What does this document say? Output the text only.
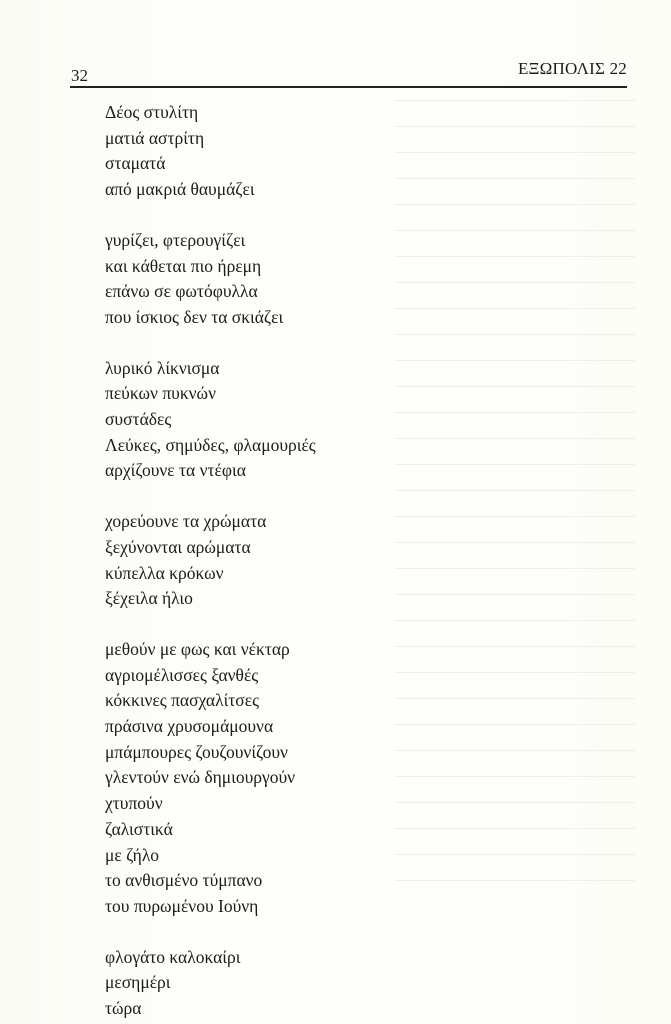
32	ΕΞΩΠΟΛΙΣ 22
Δέος στυλίτη
ματιά αστρίτη
σταματά
από μακριά θαυμάζει
γυρίζει, φτερουγίζει
και κάθεται πιο ήρεμη
επάνω σε φωτόφυλλα
που ίσκιος δεν τα σκιάζει
λυρικό λίκνισμα
πεύκων πυκνών
συστάδες
Λεύκες, σημύδες, φλαμουριές
αρχίζουνε τα ντέφια
χορεύουνε τα χρώματα
ξεχύνονται αρώματα
κύπελλα κρόκων
ξέχειλα ήλιο
μεθούν με φως και νέκταρ
αγριομέλισσες ξανθές
κόκκινες πασχαλίτσες
πράσινα χρυσομάμουνα
μπάμπουρες ζουζουνίζουν
γλεντούν ενώ δημιουργούν
χτυπούν
ζαλιστικά
με ζήλο
το ανθισμένο τύμπανο
του πυρωμένου Ιούνη
φλογάτο καλοκαίρι
μεσημέρι
τώρα
